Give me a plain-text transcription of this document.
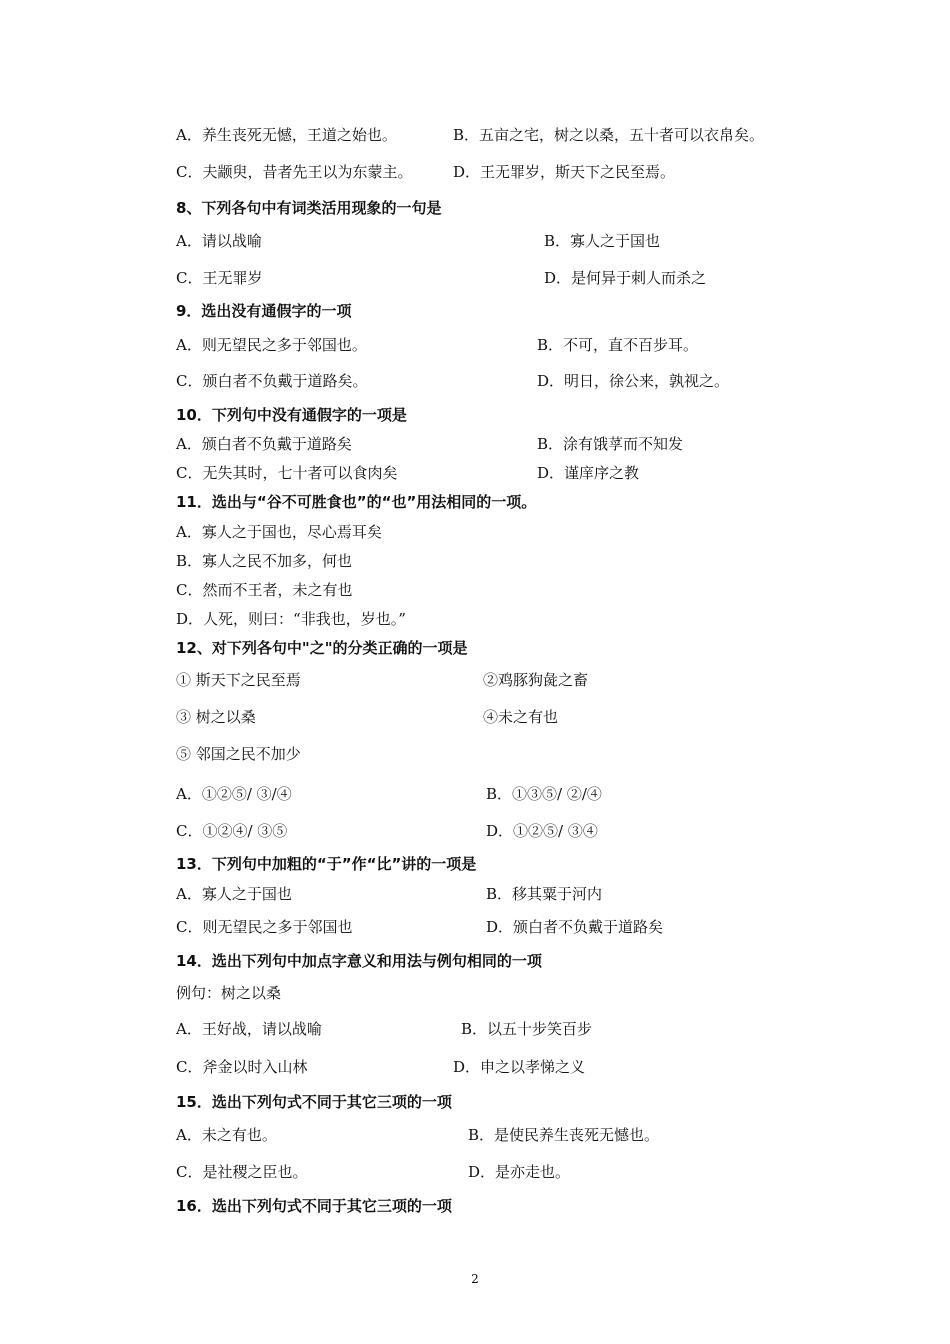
A．养生丧死无憾，王道之始也。	B．五亩之宅，树之以桑，五十者可以衣帛矣。
C．夫颛臾，昔者先王以为东蒙主。	D．王无罪岁，斯天下之民至焉。
8、下列各句中有词类活用现象的一句是
A．请以战喻	B．寡人之于国也
C．王无罪岁	D．是何异于刺人而杀之
9．选出没有通假字的一项
A．则无望民之多于邻国也。	B．不可，直不百步耳。
C．颁白者不负戴于道路矣。	D．明日，徐公来，孰视之。
10．下列句中没有通假字的一项是
A．颁白者不负戴于道路矣	B．涂有饿莩而不知发
C．无失其时，七十者可以食肉矣	D．谨庠序之教
11．选出与“谷不可胜食也”的“也”用法相同的一项。
A．寡人之于国也，尽心焉耳矣
B．寡人之民不加多，何也
C．然而不王者，未之有也
D．人死，则曰：“非我也，岁也。”
12、对下列各句中"之"的分类正确的一项是
① 斯天下之民至焉	②鸡豚狗彘之畜
③ 树之以桑	④未之有也
⑤ 邻国之民不加少
A．①②⑤/ ③/④	B．①③⑤/ ②/④
C．①②④/ ③⑤	D．①②⑤/ ③④
13．下列句中加粗的“于”作“比”讲的一项是
A．寡人之于国也	B．移其粟于河内
C．则无望民之多于邻国也	D．颁白者不负戴于道路矣
14．选出下列句中加点字意义和用法与例句相同的一项
例句：树之以桑
A．王好战，请以战喻	B．以五十步笑百步
C．斧金以时入山林	D．申之以孝悌之义
15．选出下列句式不同于其它三项的一项
A．未之有也。	B．是使民养生丧死无憾也。
C．是社稷之臣也。	D．是亦走也。
16．选出下列句式不同于其它三项的一项
2
